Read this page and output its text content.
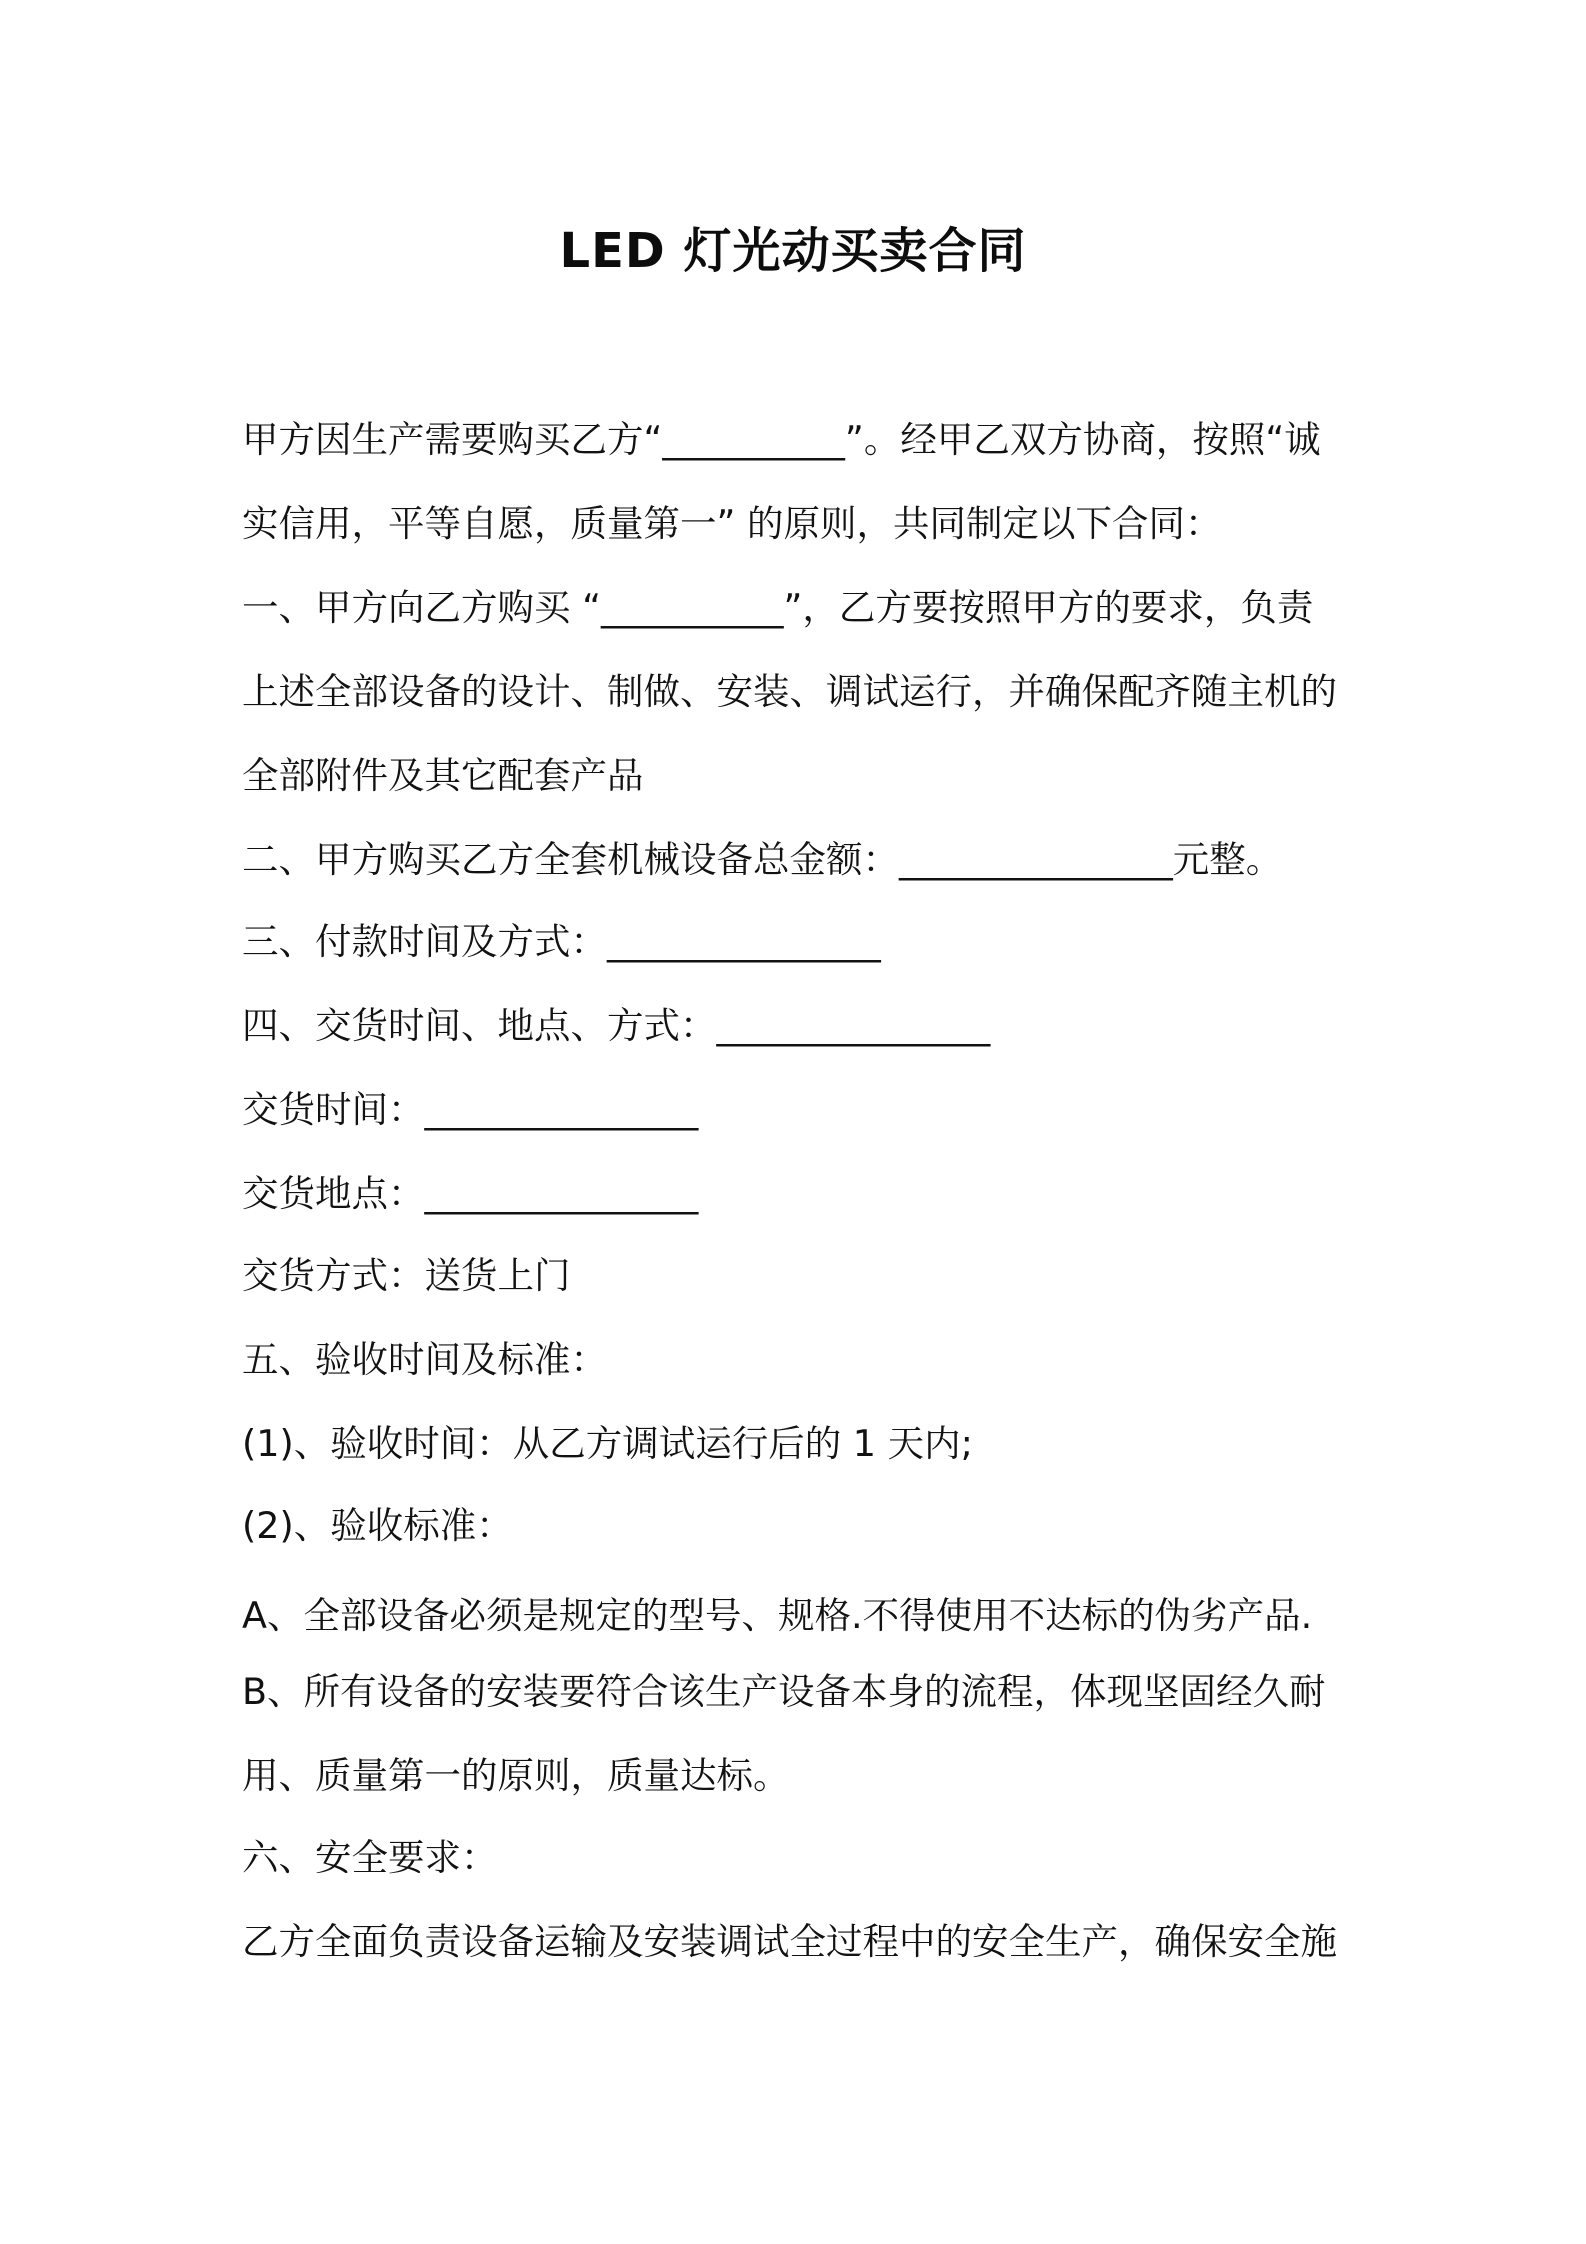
LED 灯光动买卖合同
甲方因生产需要购买乙方“__________”。经甲乙双方协商，按照“诚
实信用，平等自愿，质量第一” 的原则，共同制定以下合同：
一、甲方向乙方购买 “__________”，乙方要按照甲方的要求，负责
上述全部设备的设计、制做、安装、调试运行，并确保配齐随主机的
全部附件及其它配套产品
二、甲方购买乙方全套机械设备总金额：_______________元整。
三、付款时间及方式：_______________
四、交货时间、地点、方式：_______________
交货时间：_______________
交货地点：_______________
交货方式：送货上门
五、验收时间及标准：
(1)、验收时间：从乙方调试运行后的 1 天内;
(2)、验收标准：
A、全部设备必须是规定的型号、规格.不得使用不达标的伪劣产品.
B、所有设备的安装要符合该生产设备本身的流程，体现坚固经久耐
用、质量第一的原则，质量达标。
六、安全要求：
乙方全面负责设备运输及安装调试全过程中的安全生产，确保安全施
